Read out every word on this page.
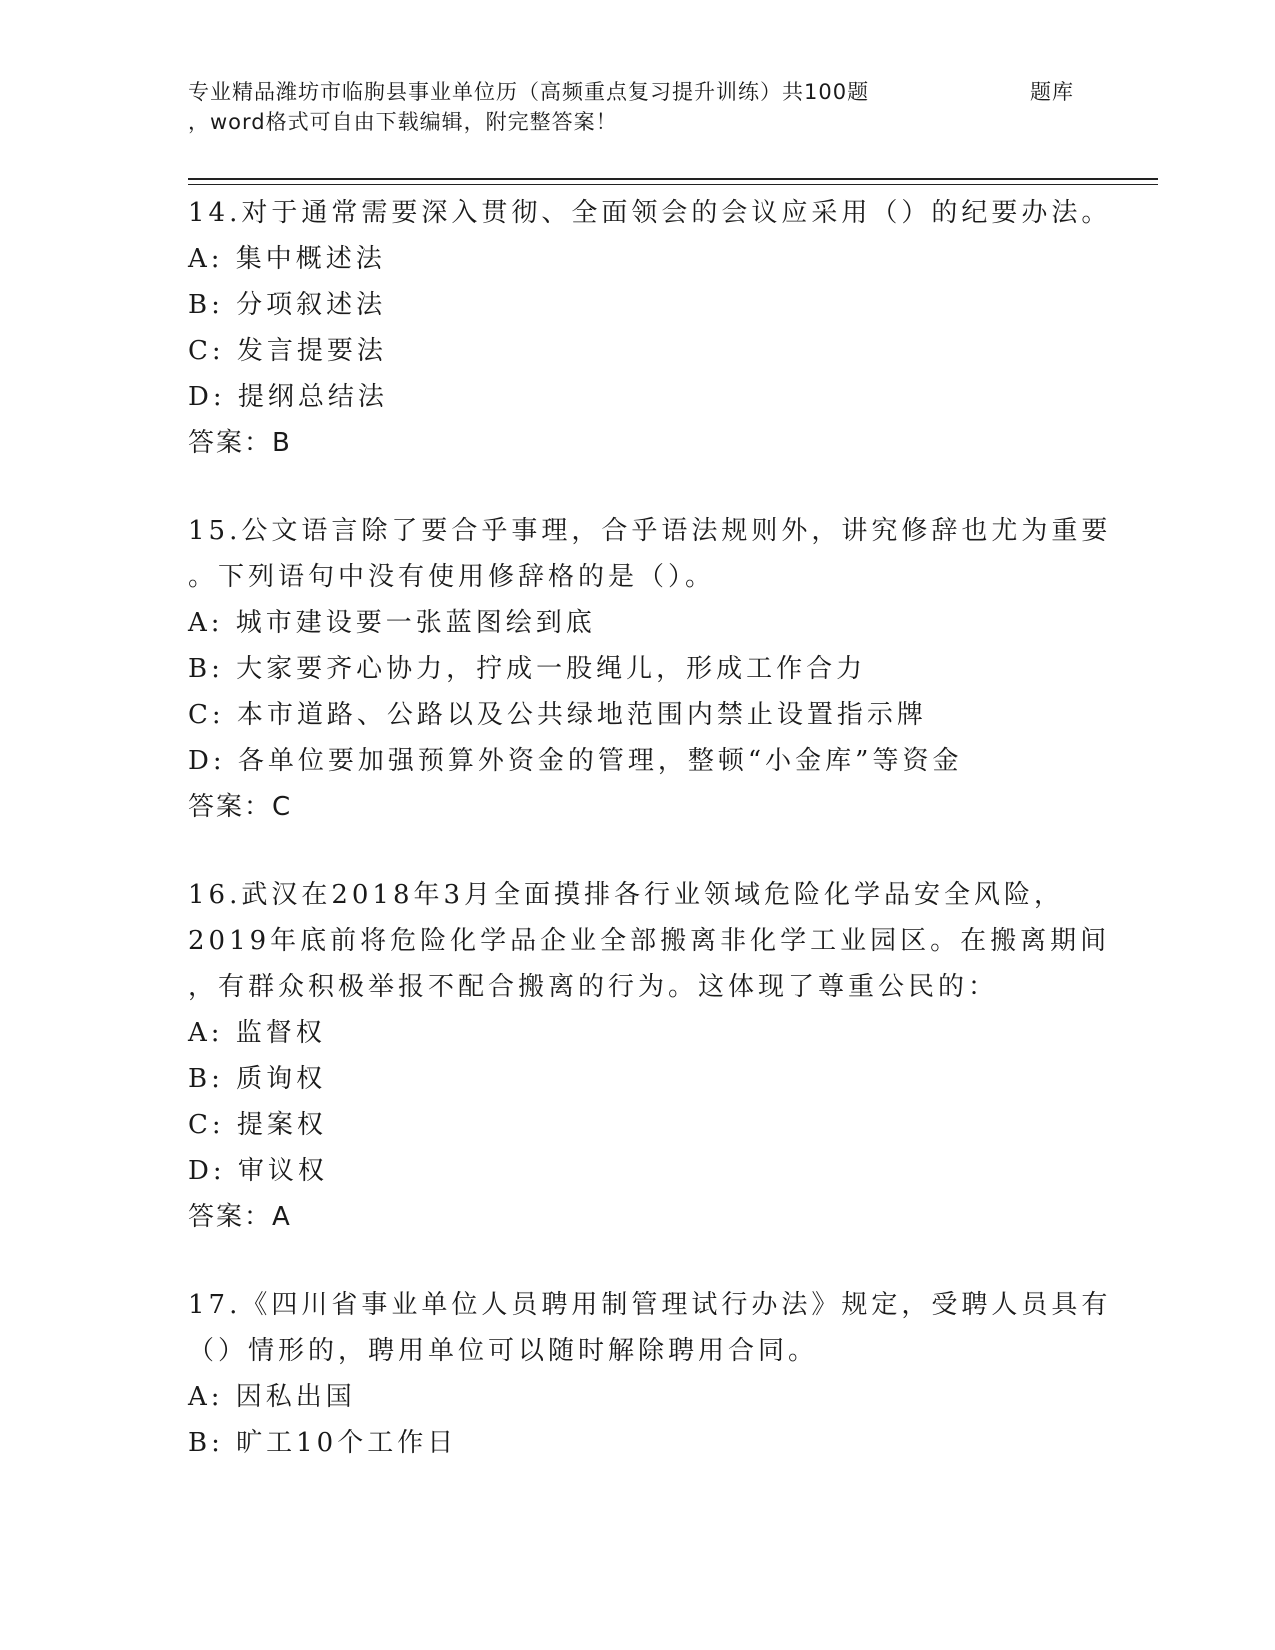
专业精品潍坊市临朐县事业单位历（高频重点复习提升训练）共100题	题库
，word格式可自由下载编辑，附完整答案！
14.对于通常需要深入贯彻、全面领会的会议应采用（）的纪要办法。
A: 集中概述法
B: 分项叙述法
C: 发言提要法
D: 提纲总结法
答案：B
15.公文语言除了要合乎事理，合乎语法规则外，讲究修辞也尤为重要
。下列语句中没有使用修辞格的是（）。
A: 城市建设要一张蓝图绘到底
B: 大家要齐心协力，拧成一股绳儿，形成工作合力
C: 本市道路、公路以及公共绿地范围内禁止设置指示牌
D: 各单位要加强预算外资金的管理，整顿“小金库”等资金
答案：C
16.武汉在2018年3月全面摸排各行业领域危险化学品安全风险，
2019年底前将危险化学品企业全部搬离非化学工业园区。在搬离期间
，有群众积极举报不配合搬离的行为。这体现了尊重公民的：
A: 监督权
B: 质询权
C: 提案权
D: 审议权
答案：A
17.《四川省事业单位人员聘用制管理试行办法》规定，受聘人员具有
（）情形的，聘用单位可以随时解除聘用合同。
A: 因私出国
B: 旷工10个工作日
